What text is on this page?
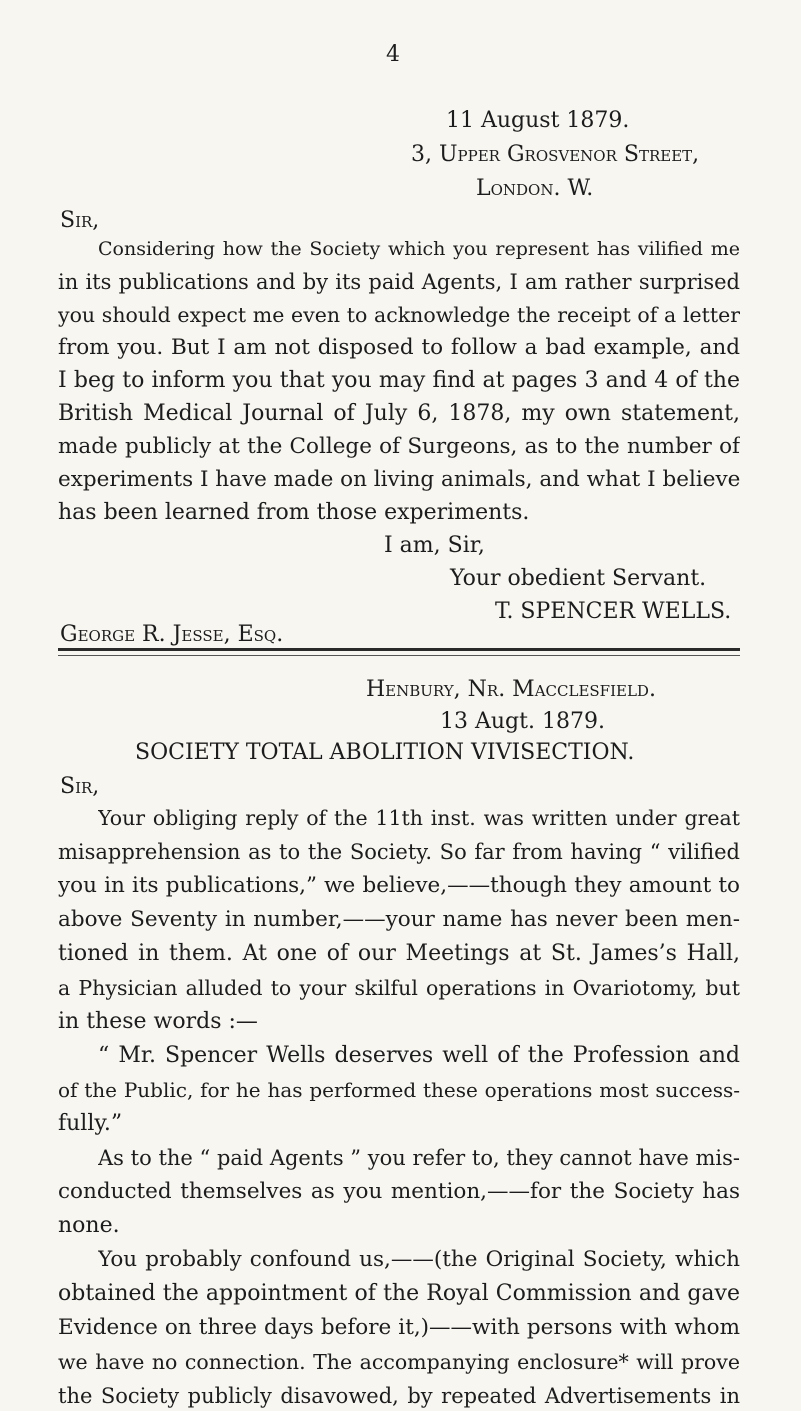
4
11 August 1879.
3, Upper Grosvenor Street,
London. W.
Sir,
Considering how the Society which you represent has vilified me
in its publications and by its paid Agents, I am rather surprised
you should expect me even to acknowledge the receipt of a letter
from you. But I am not disposed to follow a bad example, and
I beg to inform you that you may find at pages 3 and 4 of the
British Medical Journal of July 6, 1878, my own statement,
made publicly at the College of Surgeons, as to the number of
experiments I have made on living animals, and what I believe
has been learned from those experiments.
I am, Sir,
Your obedient Servant.
T. SPENCER WELLS.
George R. Jesse, Esq.
Henbury, Nr. Macclesfield.
13 Augt. 1879.
SOCIETY TOTAL ABOLITION VIVISECTION.
Sir,
Your obliging reply of the 11th inst. was written under great
misapprehension as to the Society. So far from having “ vilified
you in its publications,” we believe,——though they amount to
above Seventy in number,——your name has never been men-
tioned in them. At one of our Meetings at St. James’s Hall,
a Physician alluded to your skilful operations in Ovariotomy, but
in these words :—
“ Mr. Spencer Wells deserves well of the Profession and
of the Public, for he has performed these operations most success-
fully.”
As to the “ paid Agents ” you refer to, they cannot have mis-
conducted themselves as you mention,——for the Society has
none.
You probably confound us,——(the Original Society, which
obtained the appointment of the Royal Commission and gave
Evidence on three days before it,)——with persons with whom
we have no connection. The accompanying enclosure* will prove
the Society publicly disavowed, by repeated Advertisements in
